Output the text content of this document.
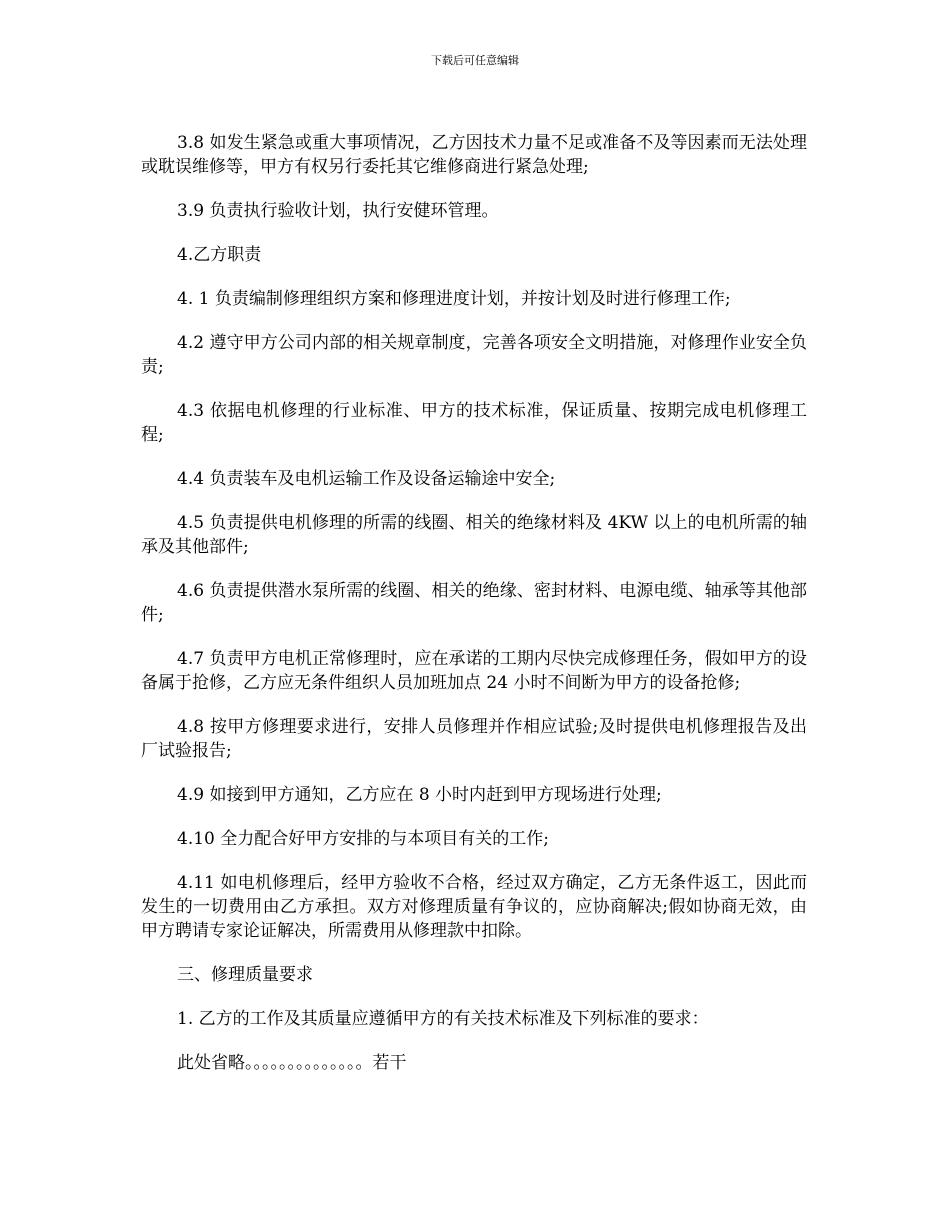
下载后可任意编辑

3.8 如发生紧急或重大事项情况，乙方因技术力量不足或准备不及等因素而无法处理或耽误维修等，甲方有权另行委托其它维修商进行紧急处理;

3.9 负责执行验收计划，执行安健环管理。

4.乙方职责

4. 1 负责编制修理组织方案和修理进度计划，并按计划及时进行修理工作;

4.2 遵守甲方公司内部的相关规章制度，完善各项安全文明措施，对修理作业安全负责;

4.3 依据电机修理的行业标准、甲方的技术标准，保证质量、按期完成电机修理工程;

4.4 负责装车及电机运输工作及设备运输途中安全;

4.5 负责提供电机修理的所需的线圈、相关的绝缘材料及 4KW 以上的电机所需的轴承及其他部件;

4.6 负责提供潜水泵所需的线圈、相关的绝缘、密封材料、电源电缆、轴承等其他部件;

4.7 负责甲方电机正常修理时，应在承诺的工期内尽快完成修理任务，假如甲方的设备属于抢修，乙方应无条件组织人员加班加点 24 小时不间断为甲方的设备抢修;

4.8 按甲方修理要求进行，安排人员修理并作相应试验;及时提供电机修理报告及出厂试验报告;

4.9 如接到甲方通知，乙方应在 8 小时内赶到甲方现场进行处理;

4.10 全力配合好甲方安排的与本项目有关的工作;

4.11 如电机修理后，经甲方验收不合格，经过双方确定，乙方无条件返工，因此而发生的一切费用由乙方承担。双方对修理质量有争议的，应协商解决;假如协商无效，由甲方聘请专家论证解决，所需费用从修理款中扣除。

三、修理质量要求

1. 乙方的工作及其质量应遵循甲方的有关技术标准及下列标准的要求：

此处省略。。。。。。。。。。。。。。若干
